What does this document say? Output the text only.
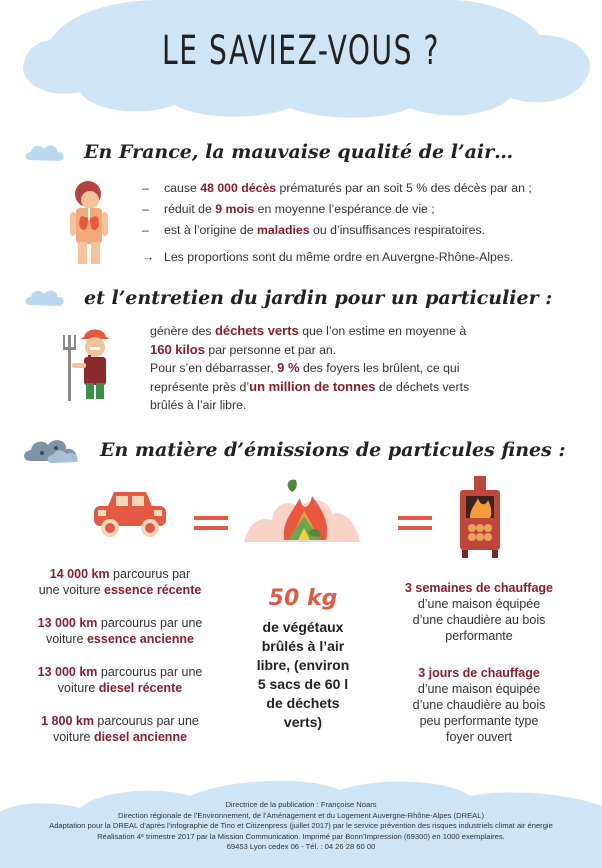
LE SAVIEZ-VOUS ?
En France, la mauvaise qualité de l’air…
– cause 48 000 décès prématurés par an soit 5 % des décès par an ;
– réduit de 9 mois en moyenne l’espérance de vie ;
– est à l’origine de maladies ou d’insuffisances respiratoires.
→ Les proportions sont du même ordre en Auvergne-Rhône-Alpes.
et l’entretien du jardin pour un particulier :
génère des déchets verts que l’on estime en moyenne à
160 kilos par personne et par an.
Pour s’en débarrasser, 9 % des foyers les brûlent, ce qui
représente près d’un million de tonnes de déchets verts
brûlés à l’air libre.
En matière d’émissions de particules fines :
14 000 km parcourus par
une voiture essence récente
13 000 km parcourus par une
voiture essence ancienne
13 000 km parcourus par une
voiture diesel récente
1 800 km parcourus par une
voiture diesel ancienne
50 kg
de végétaux
brûlés à l’air
libre, (environ
5 sacs de 60 l
de déchets
verts)
3 semaines de chauffage
d’une maison équipée
d’une chaudière au bois
performante
3 jours de chauffage
d’une maison équipée
d’une chaudière au bois
peu performante type
foyer ouvert
Directrice de la publication : Françoise Noars
Direction régionale de l’Environnement, de l’Aménagement et du Logement Auvergne-Rhône-Alpes (DREAL)
Adaptation pour la DREAL d’après l’infographie de Tino et Citizenpress (juillet 2017) par le service prévention des risques industriels climat air énergie
Réalisation 4ᵉ trimestre 2017 par la Mission Communication. Imprimé par Bonn’Impression (69300) en 1000 exemplaires.
69453 Lyon cedex 06 - Tél. : 04 26 28 60 00
